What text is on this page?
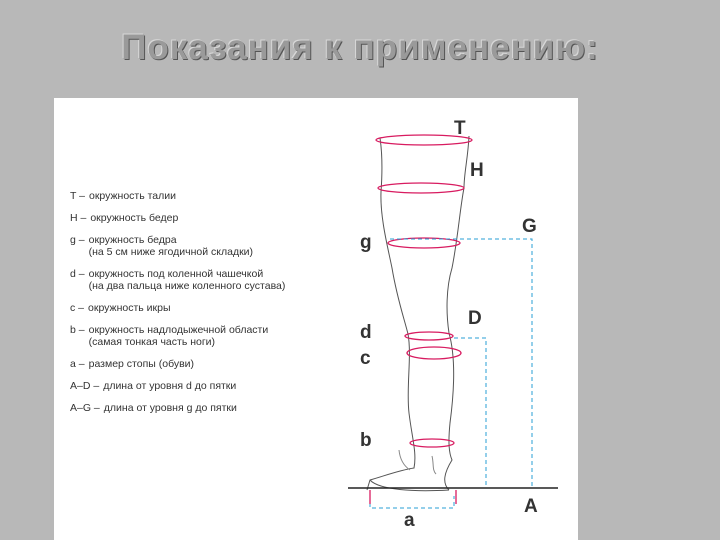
Показания к применению:
T – окружность талии
H – окружность бедер
g – окружность бедра
(на 5 см ниже ягодичной складки)
d – окружность под коленной чашечкой
(на два пальца ниже коленного сустава)
c – окружность икры
b – окружность надлодыжечной области
(самая тонкая часть ноги)
a – размер стопы (обуви)
A–D – длина от уровня d до пятки
A–G – длина от уровня g до пятки
T
H
G
g
D
d
c
b
A
a
